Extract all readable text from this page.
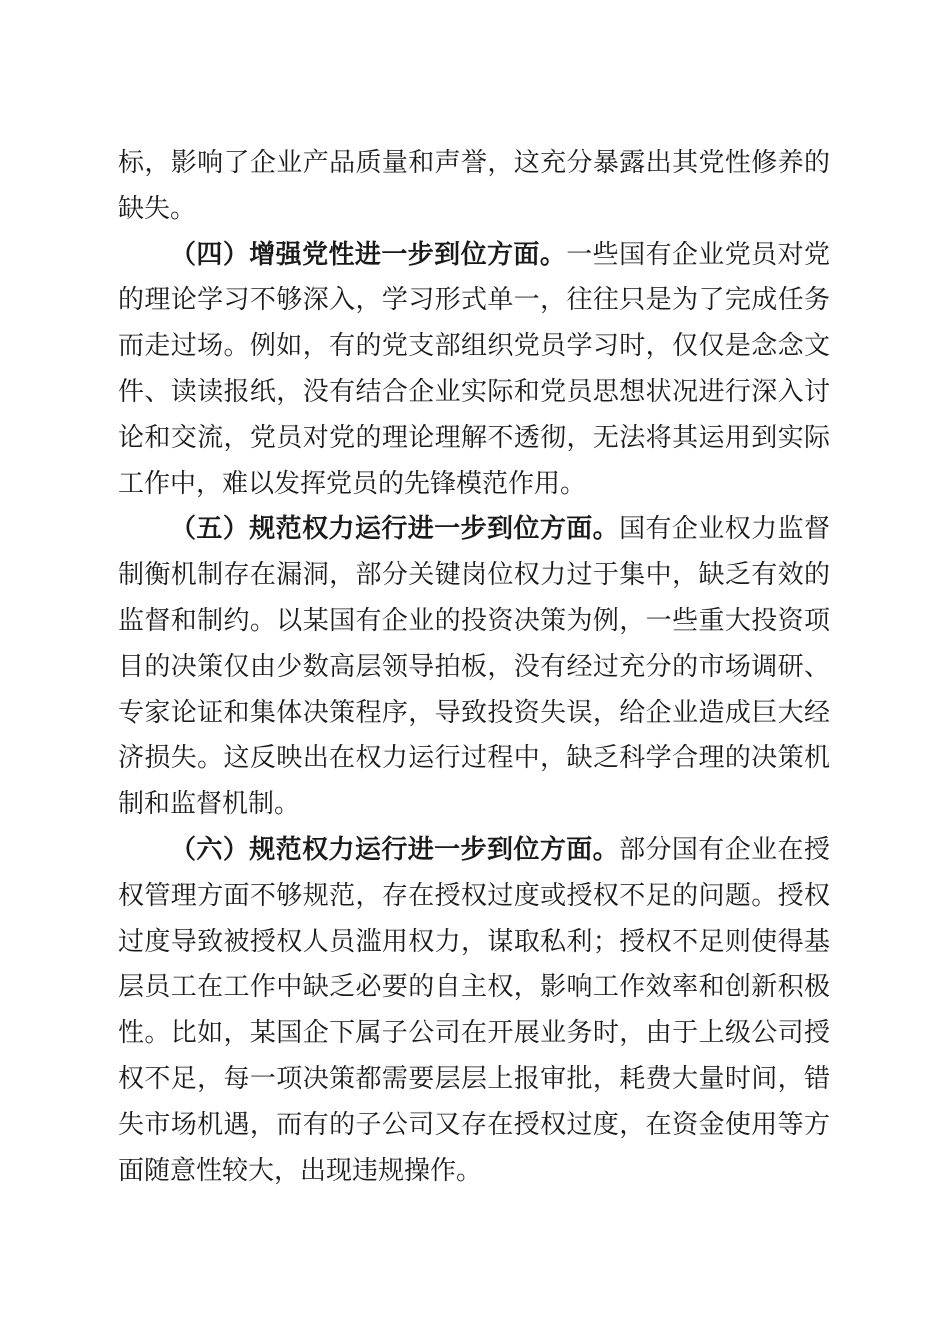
标，影响了企业产品质量和声誉，这充分暴露出其党性修养的缺失。

（四）增强党性进一步到位方面。一些国有企业党员对党的理论学习不够深入，学习形式单一，往往只是为了完成任务而走过场。例如，有的党支部组织党员学习时，仅仅是念念文件、读读报纸，没有结合企业实际和党员思想状况进行深入讨论和交流，党员对党的理论理解不透彻，无法将其运用到实际工作中，难以发挥党员的先锋模范作用。

（五）规范权力运行进一步到位方面。国有企业权力监督制衡机制存在漏洞，部分关键岗位权力过于集中，缺乏有效的监督和制约。以某国有企业的投资决策为例，一些重大投资项目的决策仅由少数高层领导拍板，没有经过充分的市场调研、专家论证和集体决策程序，导致投资失误，给企业造成巨大经济损失。这反映出在权力运行过程中，缺乏科学合理的决策机制和监督机制。

（六）规范权力运行进一步到位方面。部分国有企业在授权管理方面不够规范，存在授权过度或授权不足的问题。授权过度导致被授权人员滥用权力，谋取私利；授权不足则使得基层员工在工作中缺乏必要的自主权，影响工作效率和创新积极性。比如，某国企下属子公司在开展业务时，由于上级公司授权不足，每一项决策都需要层层上报审批，耗费大量时间，错失市场机遇，而有的子公司又存在授权过度，在资金使用等方面随意性较大，出现违规操作。
